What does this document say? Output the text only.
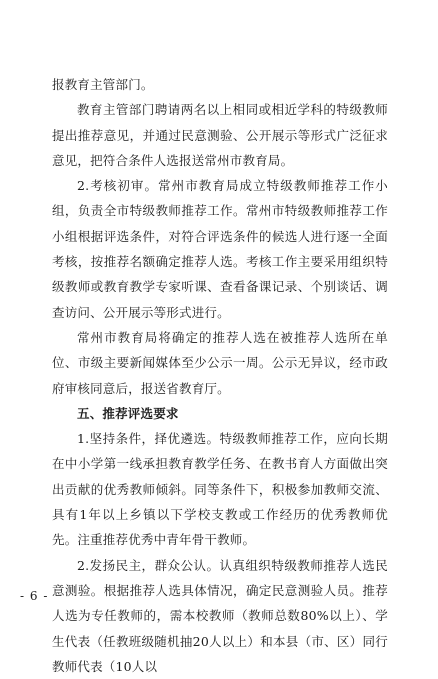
报教育主管部门。

教育主管部门聘请两名以上相同或相近学科的特级教师提出推荐意见，并通过民意测验、公开展示等形式广泛征求意见，把符合条件人选报送常州市教育局。

2.考核初审。常州市教育局成立特级教师推荐工作小组，负责全市特级教师推荐工作。常州市特级教师推荐工作小组根据评选条件，对符合评选条件的候选人进行逐一全面考核，按推荐名额确定推荐人选。考核工作主要采用组织特级教师或教育教学专家听课、查看备课记录、个别谈话、调查访问、公开展示等形式进行。

常州市教育局将确定的推荐人选在被推荐人选所在单位、市级主要新闻媒体至少公示一周。公示无异议，经市政府审核同意后，报送省教育厅。

五、推荐评选要求

1.坚持条件，择优遴选。特级教师推荐工作，应向长期在中小学第一线承担教育教学任务、在教书育人方面做出突出贡献的优秀教师倾斜。同等条件下，积极参加教师交流、具有1年以上乡镇以下学校支教或工作经历的优秀教师优先。注重推荐优秀中青年骨干教师。

2.发扬民主，群众公认。认真组织特级教师推荐人选民意测验。根据推荐人选具体情况，确定民意测验人员。推荐人选为专任教师的，需本校教师（教师总数80%以上）、学生代表（任教班级随机抽20人以上）和本县（市、区）同行教师代表（10人以

- 6 -
